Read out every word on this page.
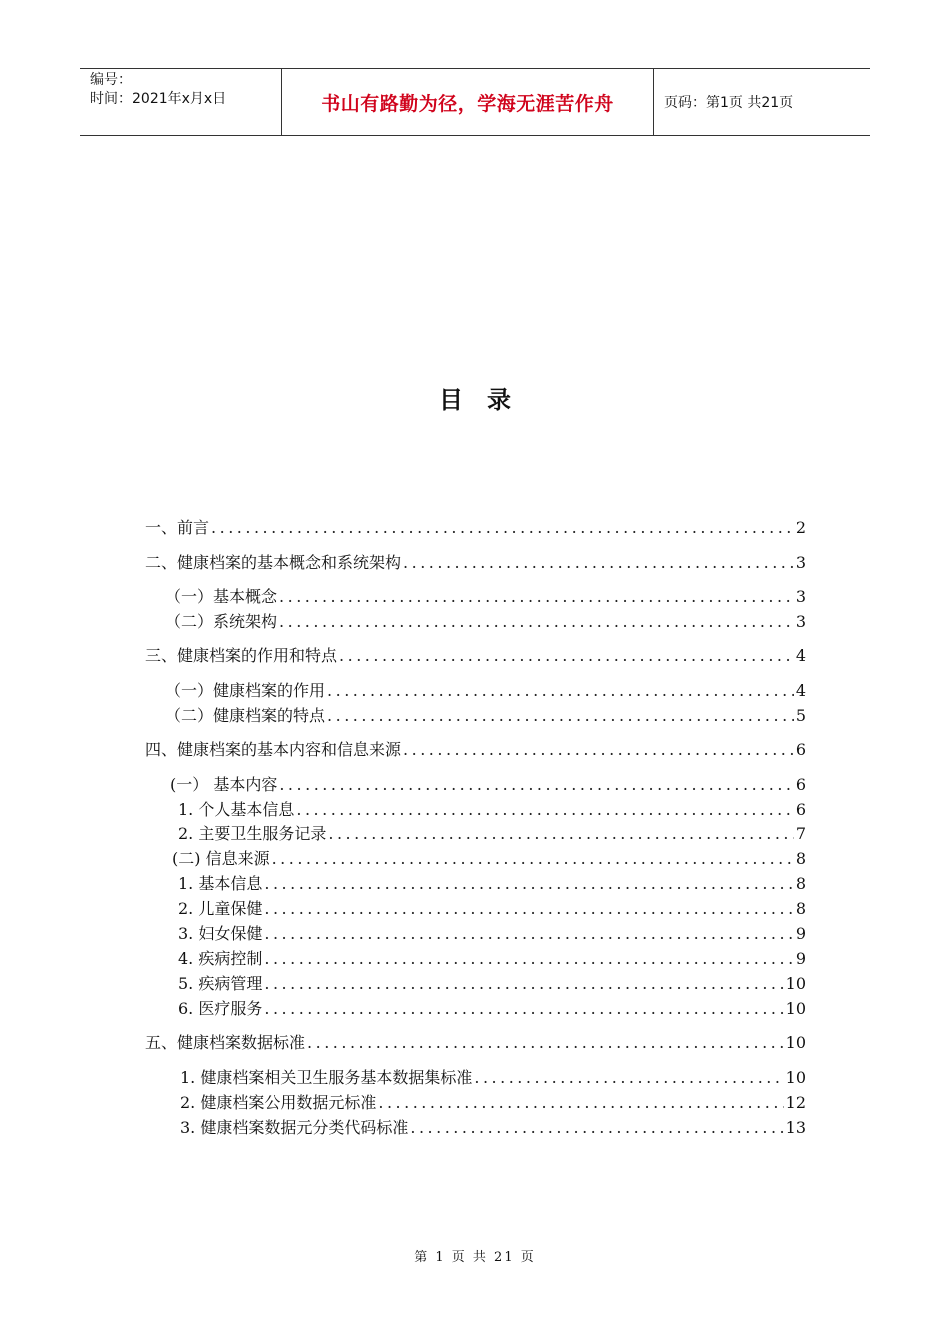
编号：
时间：2021年x月x日	书山有路勤为径，学海无涯苦作舟	页码：第1页 共21页
目录
一、前言 .....	2
二、健康档案的基本概念和系统架构 .....	3
（一）基本概念 .....	3
（二）系统架构 .....	3
三、健康档案的作用和特点 .....	4
（一）健康档案的作用 .....	4
（二）健康档案的特点 .....	5
四、健康档案的基本内容和信息来源 .....	6
(一） 基本内容 .....	6
1. 个人基本信息 .....	6
2. 主要卫生服务记录 .....	7
(二) 信息来源 .....	8
1. 基本信息 .....	8
2. 儿童保健 .....	8
3. 妇女保健 .....	9
4. 疾病控制 .....	9
5. 疾病管理 .....	10
6. 医疗服务 .....	10
五、健康档案数据标准 .....	10
1. 健康档案相关卫生服务基本数据集标准 .....	10
2. 健康档案公用数据元标准 .....	12
3. 健康档案数据元分类代码标准 .....	13
第 1 页 共 21 页
